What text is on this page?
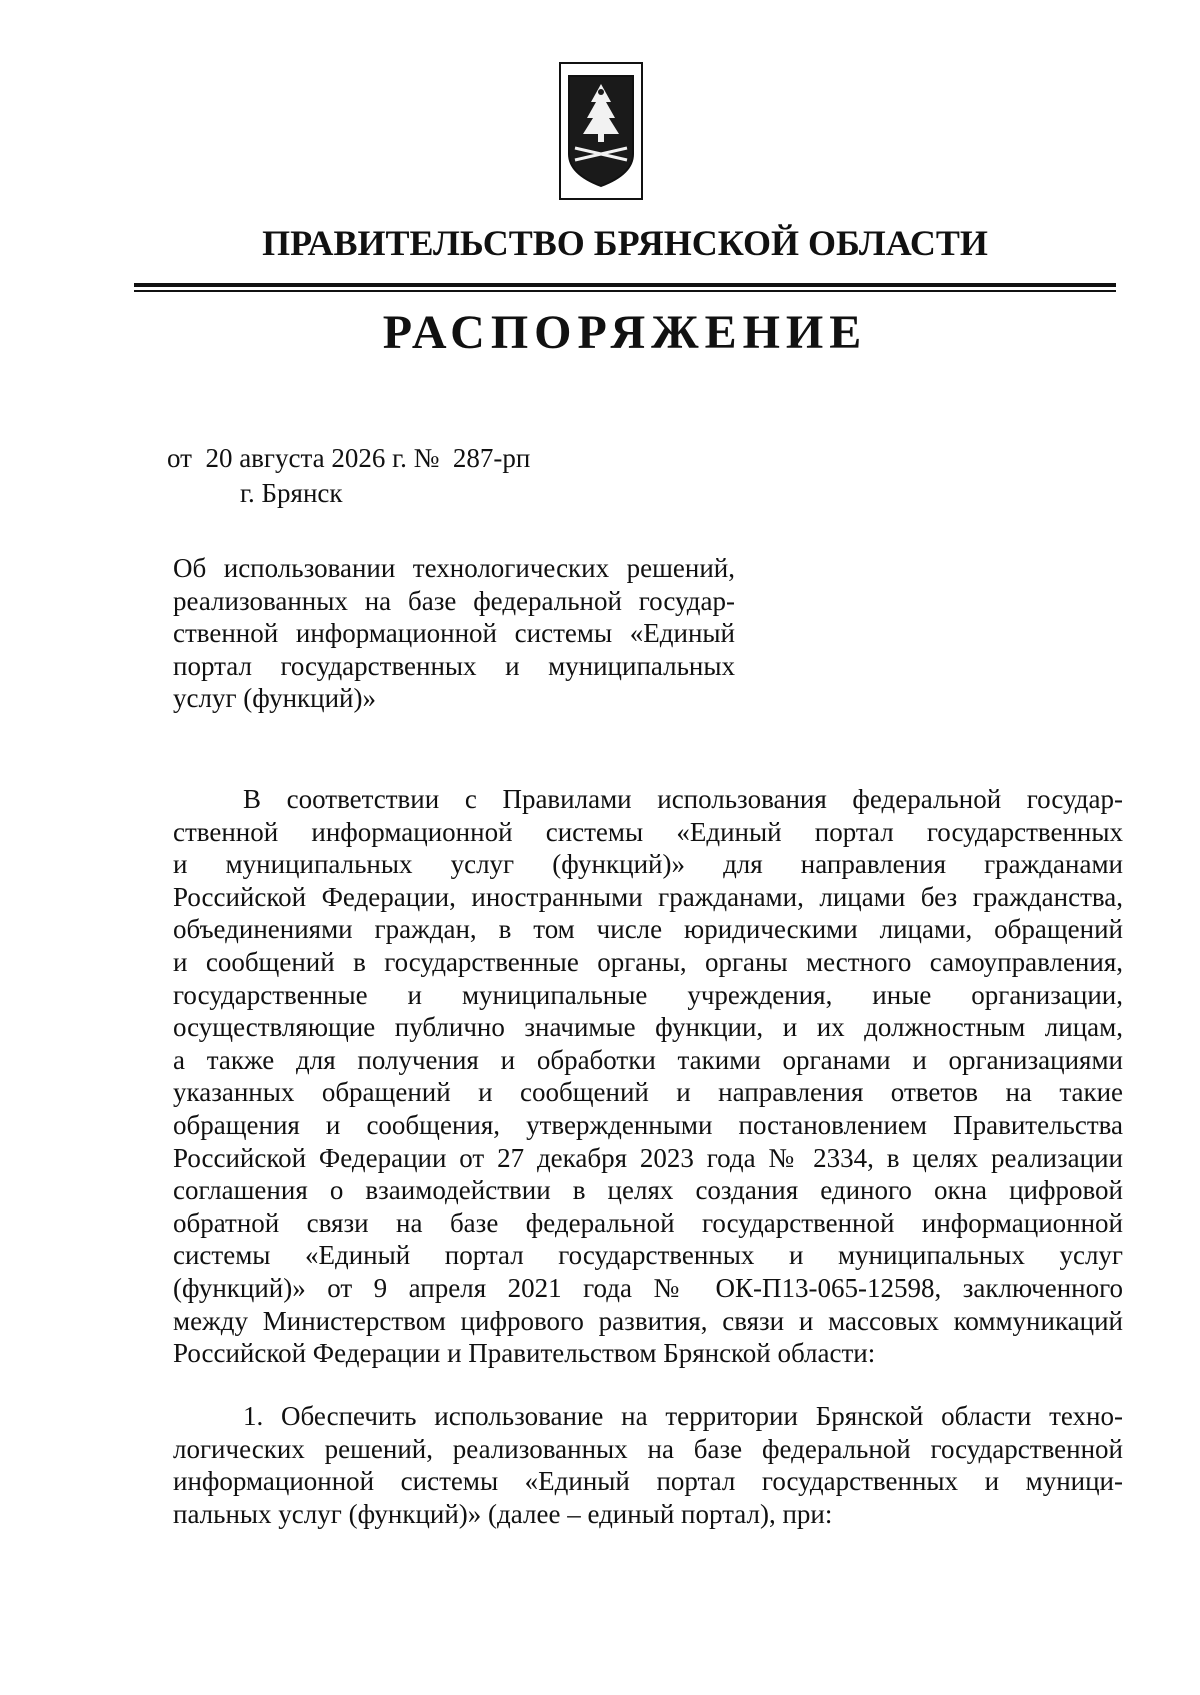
ПРАВИТЕЛЬСТВО БРЯНСКОЙ ОБЛАСТИ
РАСПОРЯЖЕНИЕ
от  20 августа 2026 г. №  287-рп
г. Брянск
Об использовании технологических решений,
реализованных на базе федеральной государ-
ственной информационной системы «Единый
портал государственных и муниципальных
услуг (функций)»
В соответствии с Правилами использования федеральной государ-
ственной информационной системы «Единый портал государственных
и муниципальных услуг (функций)» для направления гражданами
Российской Федерации, иностранными гражданами, лицами без гражданства,
объединениями граждан, в том числе юридическими лицами, обращений
и сообщений в государственные органы, органы местного самоуправления,
государственные и муниципальные учреждения, иные организации,
осуществляющие публично значимые функции, и их должностным лицам,
а также для получения и обработки такими органами и организациями
указанных обращений и сообщений и направления ответов на такие
обращения и сообщения, утвержденными постановлением Правительства
Российской Федерации от 27 декабря 2023 года № 2334, в целях реализации
соглашения о взаимодействии в целях создания единого окна цифровой
обратной связи на базе федеральной государственной информационной
системы «Единый портал государственных и муниципальных услуг
(функций)» от 9 апреля 2021 года № ОК-П13-065-12598, заключенного
между Министерством цифрового развития, связи и массовых коммуникаций
Российской Федерации и Правительством Брянской области:
1. Обеспечить использование на территории Брянской области техно-
логических решений, реализованных на базе федеральной государственной
информационной системы «Единый портал государственных и муници-
пальных услуг (функций)» (далее – единый портал), при:
